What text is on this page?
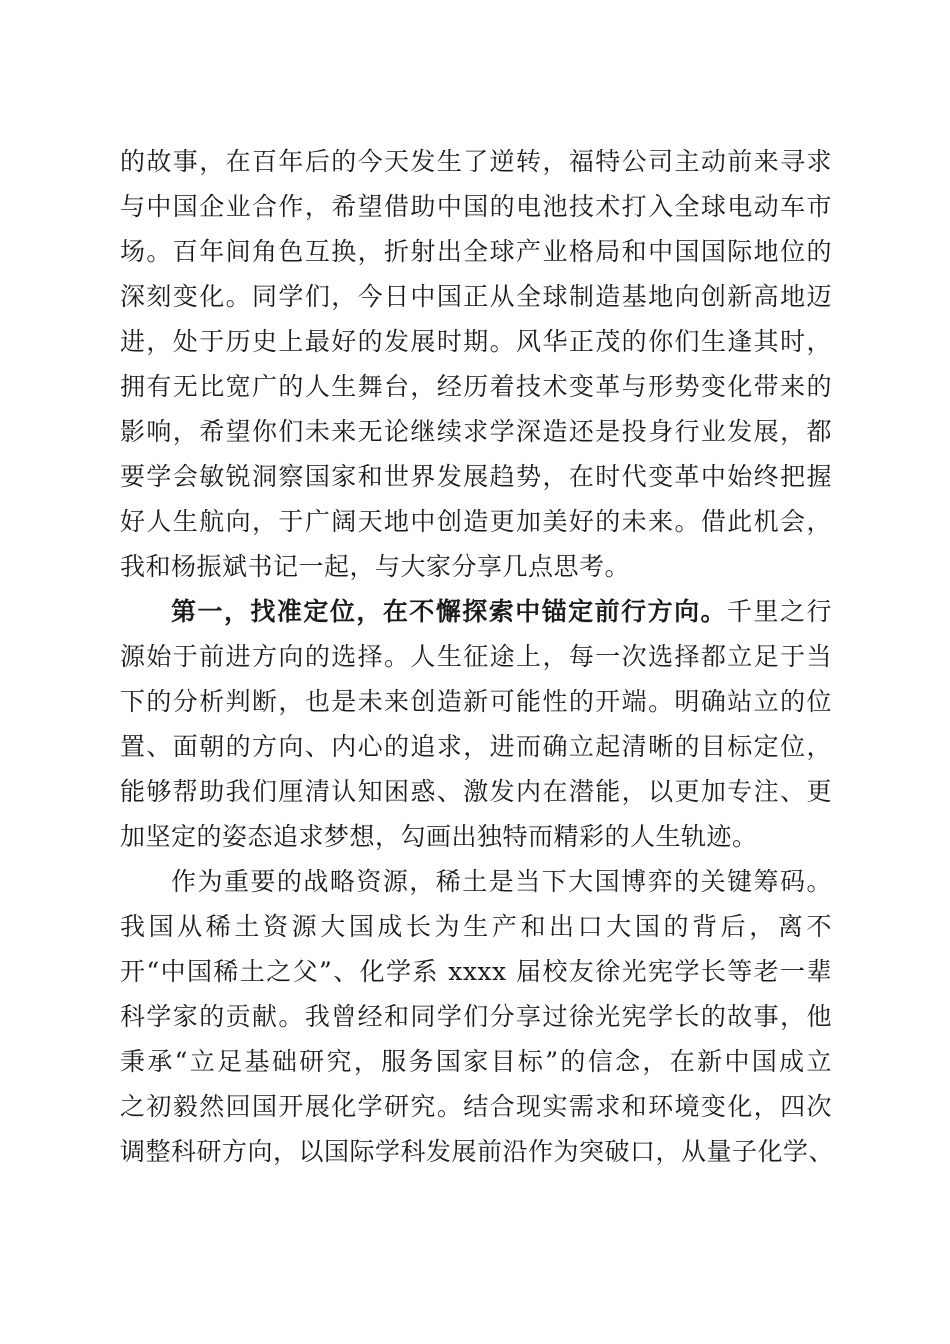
的故事，在百年后的今天发生了逆转，福特公司主动前来寻求
与中国企业合作，希望借助中国的电池技术打入全球电动车市
场。百年间角色互换，折射出全球产业格局和中国国际地位的
深刻变化。同学们，今日中国正从全球制造基地向创新高地迈
进，处于历史上最好的发展时期。风华正茂的你们生逢其时，
拥有无比宽广的人生舞台，经历着技术变革与形势变化带来的
影响，希望你们未来无论继续求学深造还是投身行业发展，都
要学会敏锐洞察国家和世界发展趋势，在时代变革中始终把握
好人生航向，于广阔天地中创造更加美好的未来。借此机会，
我和杨振斌书记一起，与大家分享几点思考。
第一，找准定位，在不懈探索中锚定前行方向。千里之行
源始于前进方向的选择。人生征途上，每一次选择都立足于当
下的分析判断，也是未来创造新可能性的开端。明确站立的位
置、面朝的方向、内心的追求，进而确立起清晰的目标定位，
能够帮助我们厘清认知困惑、激发内在潜能，以更加专注、更
加坚定的姿态追求梦想，勾画出独特而精彩的人生轨迹。
作为重要的战略资源，稀土是当下大国博弈的关键筹码。
我国从稀土资源大国成长为生产和出口大国的背后，离不
开“中国稀土之父”、化学系 xxxx 届校友徐光宪学长等老一辈
科学家的贡献。我曾经和同学们分享过徐光宪学长的故事，他
秉承“立足基础研究，服务国家目标”的信念，在新中国成立
之初毅然回国开展化学研究。结合现实需求和环境变化，四次
调整科研方向，以国际学科发展前沿作为突破口，从量子化学、
